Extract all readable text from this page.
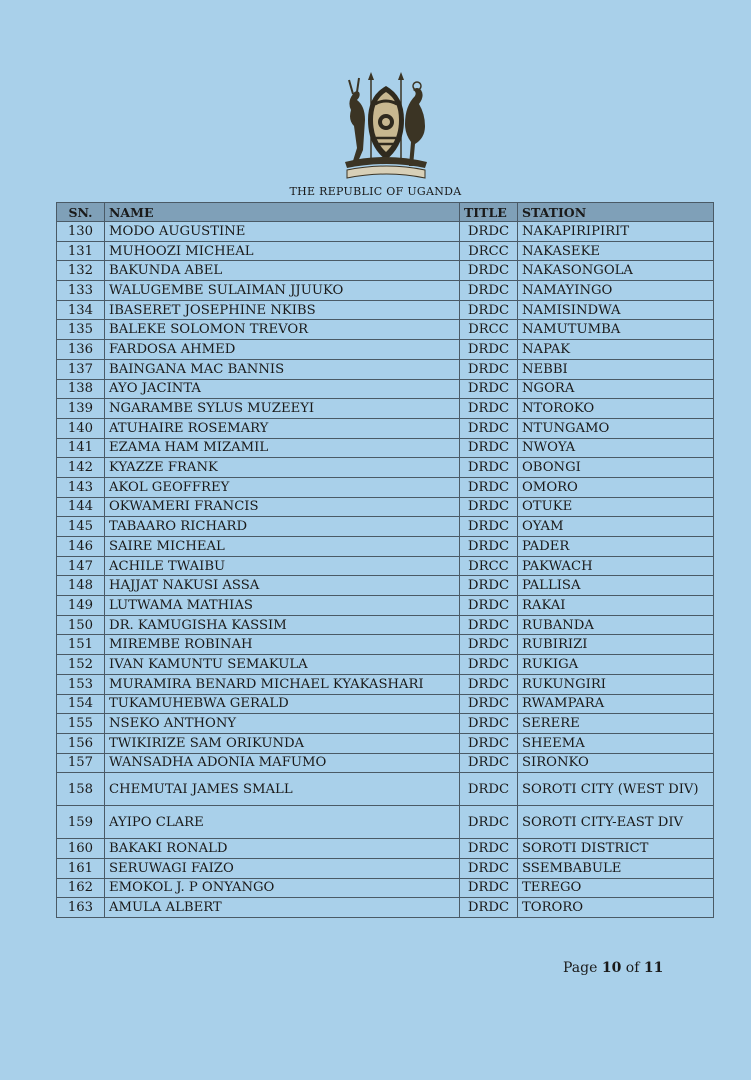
THE REPUBLIC OF UGANDA
SN.	NAME	TITLE	STATION
130	MODO AUGUSTINE	DRDC	NAKAPIRIPIRIT
131	MUHOOZI MICHEAL	DRCC	NAKASEKE
132	BAKUNDA ABEL	DRDC	NAKASONGOLA
133	WALUGEMBE SULAIMAN JJUUKO	DRDC	NAMAYINGO
134	IBASERET JOSEPHINE NKIBS	DRDC	NAMISINDWA
135	BALEKE SOLOMON TREVOR	DRCC	NAMUTUMBA
136	FARDOSA AHMED	DRDC	NAPAK
137	BAINGANA MAC BANNIS	DRDC	NEBBI
138	AYO JACINTA	DRDC	NGORA
139	NGARAMBE SYLUS MUZEEYI	DRDC	NTOROKO
140	ATUHAIRE ROSEMARY	DRDC	NTUNGAMO
141	EZAMA HAM MIZAMIL	DRDC	NWOYA
142	KYAZZE FRANK	DRDC	OBONGI
143	AKOL GEOFFREY	DRDC	OMORO
144	OKWAMERI FRANCIS	DRDC	OTUKE
145	TABAARO RICHARD	DRDC	OYAM
146	SAIRE MICHEAL	DRDC	PADER
147	ACHILE TWAIBU	DRCC	PAKWACH
148	HAJJAT NAKUSI ASSA	DRDC	PALLISA
149	LUTWAMA MATHIAS	DRDC	RAKAI
150	DR. KAMUGISHA KASSIM	DRDC	RUBANDA
151	MIREMBE ROBINAH	DRDC	RUBIRIZI
152	IVAN KAMUNTU SEMAKULA	DRDC	RUKIGA
153	MURAMIRA BENARD MICHAEL KYAKASHARI	DRDC	RUKUNGIRI
154	TUKAMUHEBWA GERALD	DRDC	RWAMPARA
155	NSEKO ANTHONY	DRDC	SERERE
156	TWIKIRIZE SAM ORIKUNDA	DRDC	SHEEMA
157	WANSADHA ADONIA MAFUMO	DRDC	SIRONKO
158	CHEMUTAI JAMES SMALL	DRDC	SOROTI CITY (WEST DIV)
159	AYIPO CLARE	DRDC	SOROTI CITY-EAST DIV
160	BAKAKI RONALD	DRDC	SOROTI DISTRICT
161	SERUWAGI FAIZO	DRDC	SSEMBABULE
162	EMOKOL J. P ONYANGO	DRDC	TEREGO
163	AMULA ALBERT	DRDC	TORORO
Page 10 of 11
